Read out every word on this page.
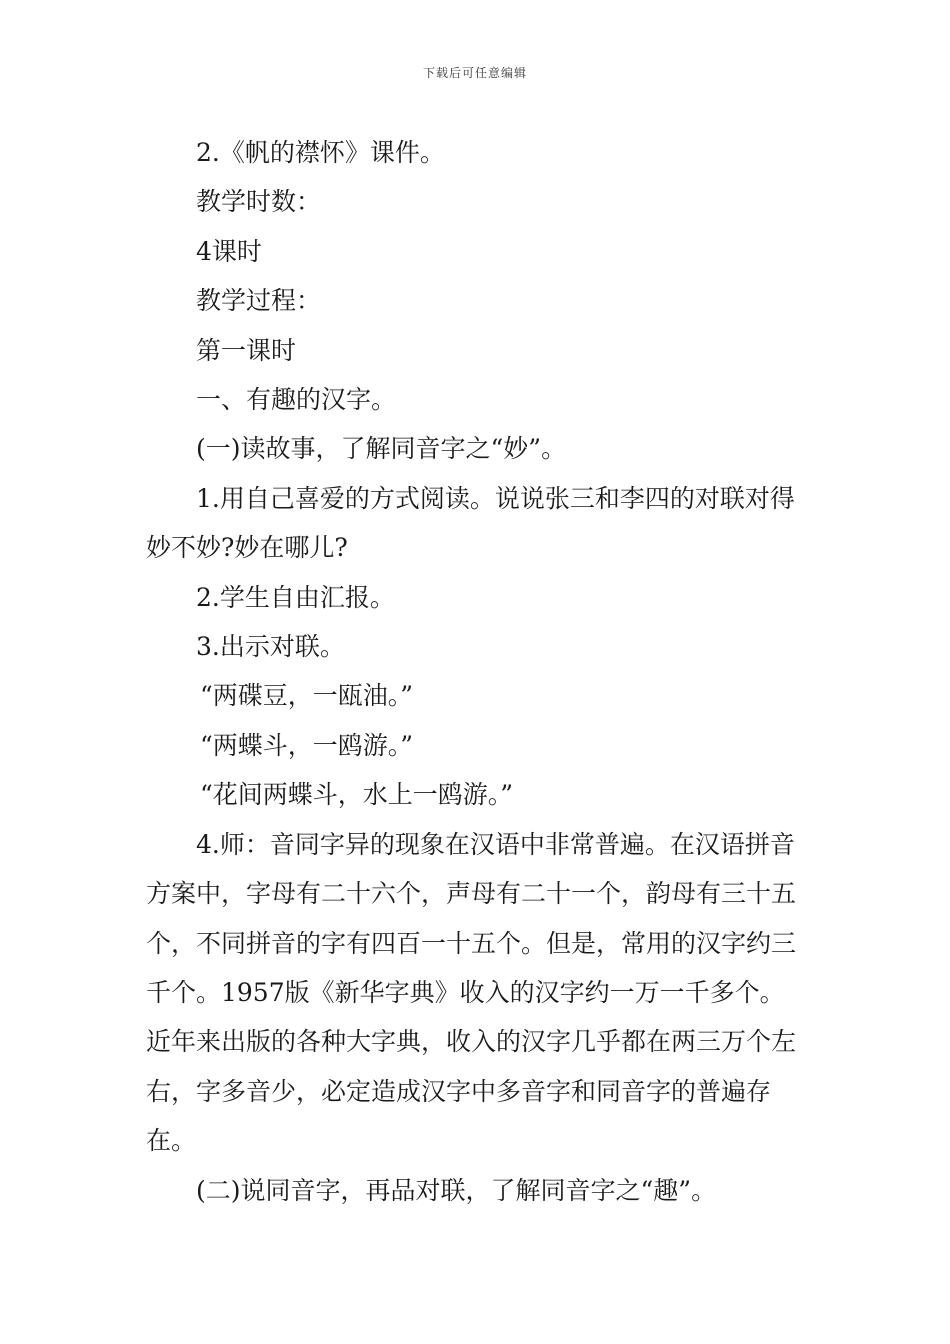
下载后可任意编辑

2.《帆的襟怀》课件。

教学时数：

4课时

教学过程：

第一课时

一、有趣的汉字。

(一)读故事，了解同音字之“妙”。

1.用自己喜爱的方式阅读。说说张三和李四的对联对得妙不妙?妙在哪儿?

2.学生自由汇报。

3.出示对联。

“两碟豆，一瓯油。”

“两蝶斗，一鸥游。”

“花间两蝶斗，水上一鸥游。”

4.师：音同字异的现象在汉语中非常普遍。在汉语拼音方案中，字母有二十六个，声母有二十一个，韵母有三十五个，不同拼音的字有四百一十五个。但是，常用的汉字约三千个。1957版《新华字典》收入的汉字约一万一千多个。近年来出版的各种大字典，收入的汉字几乎都在两三万个左右，字多音少，必定造成汉字中多音字和同音字的普遍存在。

(二)说同音字，再品对联，了解同音字之“趣”。
